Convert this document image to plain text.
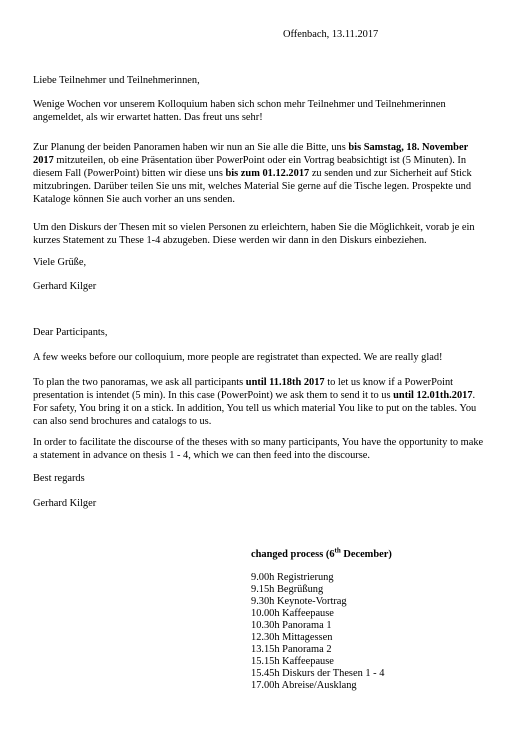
Offenbach, 13.11.2017

Liebe Teilnehmer und Teilnehmerinnen,

Wenige Wochen vor unserem Kolloquium haben sich schon mehr Teilnehmer und Teilnehmerinnen
angemeldet, als wir erwartet hatten. Das freut uns sehr!

Zur Planung der beiden Panoramen haben wir nun an Sie alle die Bitte, uns bis Samstag, 18. November
2017 mitzuteilen, ob eine Präsentation über PowerPoint oder ein Vortrag beabsichtigt ist (5 Minuten). In
diesem Fall (PowerPoint) bitten wir diese uns bis zum 01.12.2017 zu senden und zur Sicherheit auf Stick
mitzubringen. Darüber teilen Sie uns mit, welches Material Sie gerne auf die Tische legen. Prospekte und
Kataloge können Sie auch vorher an uns senden.

Um den Diskurs der Thesen mit so vielen Personen zu erleichtern, haben Sie die Möglichkeit, vorab je ein
kurzes Statement zu These 1-4 abzugeben. Diese werden wir dann in den Diskurs einbeziehen.

Viele Grüße,

Gerhard Kilger

Dear Participants,

A few weeks before our colloquium, more people are registratet than expected. We are really glad!

To plan the two panoramas, we ask all participants until 11.18th 2017 to let us know if a PowerPoint
presentation is intendet (5 min). In this case (PowerPoint) we ask them to send it to us until 12.01th.2017.
For safety, You bring it on a stick. In addition, You tell us which material You like to put on the tables. You
can also send brochures and catalogs to us.

In order to facilitate the discourse of the theses with so many participants, You have the opportunity to make
a statement in advance on thesis 1 - 4, which we can then feed into the discourse.

Best regards

Gerhard Kilger

changed process (6th December)
9.00h Registrierung
9.15h Begrüßung
9.30h Keynote-Vortrag
10.00h Kaffeepause
10.30h Panorama 1
12.30h Mittagessen
13.15h Panorama 2
15.15h Kaffeepause
15.45h Diskurs der Thesen 1 - 4
17.00h Abreise/Ausklang
